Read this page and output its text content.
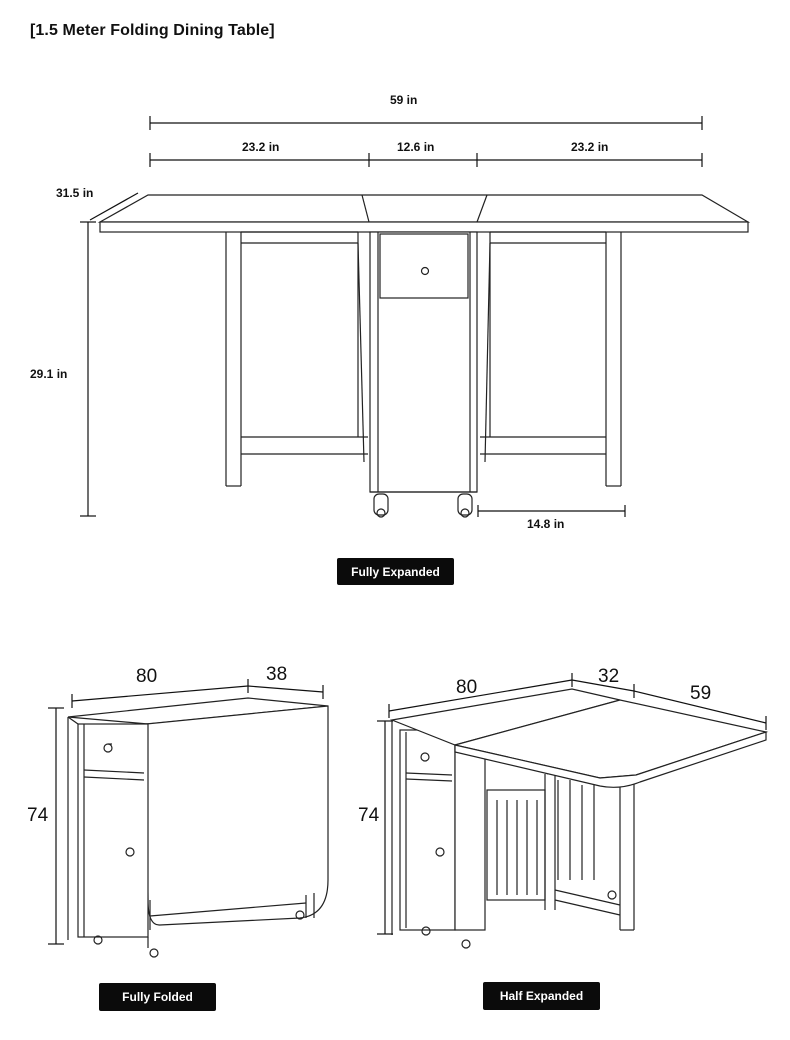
[1.5 Meter Folding Dining Table]
59 in
23.2 in	12.6 in	23.2 in
31.5 in
29.1 in
14.8 in
Fully Expanded
80	38
74
Fully Folded
80
32
59
74
Half Expanded
